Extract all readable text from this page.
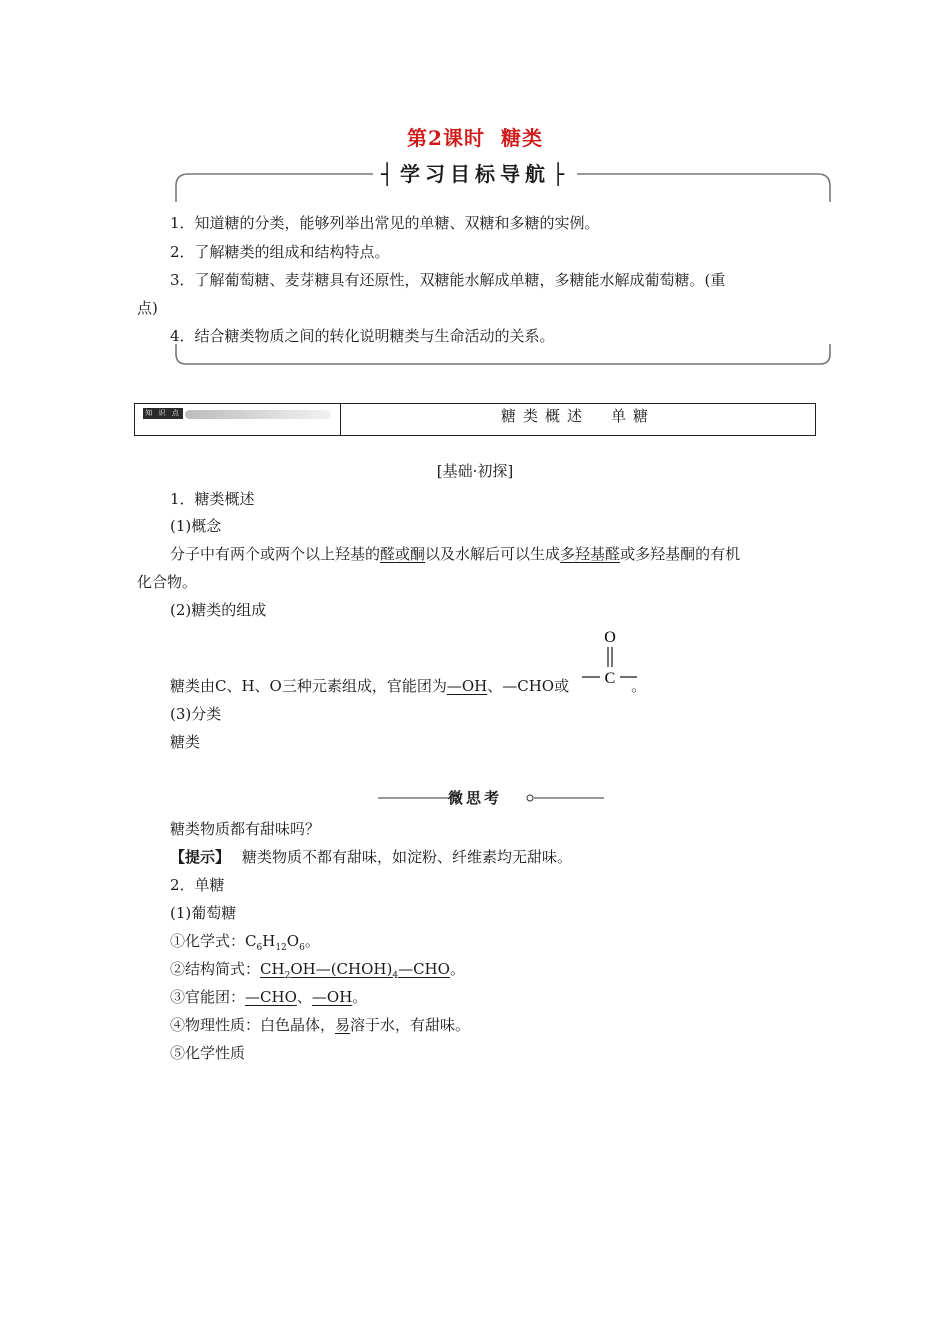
第2课时 糖类
┤ 学习目标导航 ├
1．知道糖的分类，能够列举出常见的单糖、双糖和多糖的实例。
2．了解糖类的组成和结构特点。
3．了解葡萄糖、麦芽糖具有还原性，双糖能水解成单糖，多糖能水解成葡萄糖。(重
点)
4．结合糖类物质之间的转化说明糖类与生命活动的关系。
知 识 点	糖类概述　单糖
[基础·初探]
1．糖类概述
(1)概念
分子中有两个或两个以上羟基的醛或酮以及水解后可以生成多羟基醛或多羟基酮的有机
化合物。
(2)糖类的组成
糖类由C、H、O三种元素组成，官能团为—OH、—CHO或	。
O
C
(3)分类
糖类
微思考
糖类物质都有甜味吗？
【提示】 糖类物质不都有甜味，如淀粉、纤维素均无甜味。
2．单糖
(1)葡萄糖
①化学式：$C_6H_{12}O_6$。
②结构简式：$CH_2OH—(CHOH)_4—CHO$。
③官能团：—CHO、—OH。
④物理性质：白色晶体，易溶于水，有甜味。
⑤化学性质
